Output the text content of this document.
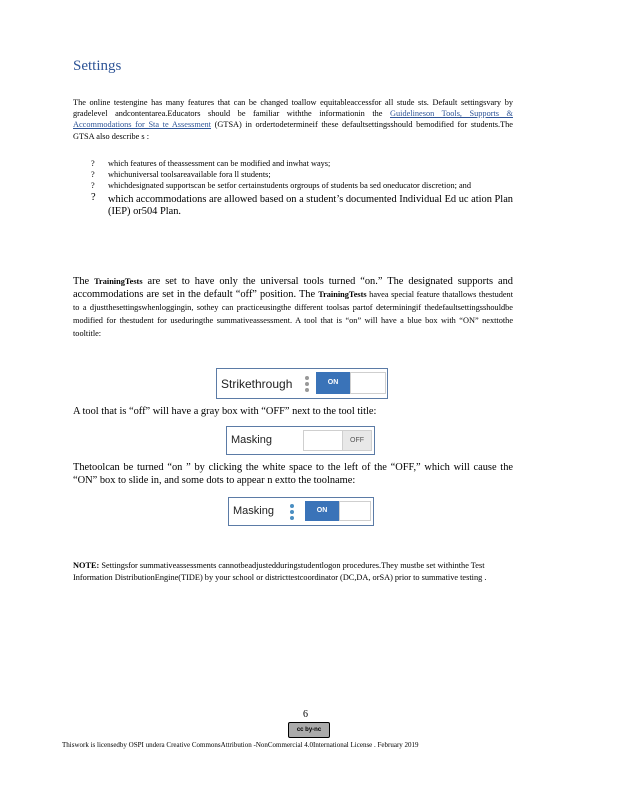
Settings

The online testengine has many features that can be changed toallow equitableaccessfor all stude sts. Default settingsvary by gradelevel andcontentarea.Educators should be familiar withthe informationin the Guidelineson Tools, Supports & Accommodations for Sta te Assessment (GTSA) in ordertodetermineif these defaultsettingsshould bemodified for students.The GTSA also describe s :

? which features of theassessment can be modified and inwhat ways;
? whichuniversal toolsareavailable fora ll students;
? whichdesignated supportscan be setfor certainstudents orgroups of students ba sed oneducator discretion; and
? which accommodations are allowed based on a student’s documented Individual Ed uc ation Plan (IEP) or504 Plan.

The TrainingTests are set to have only the universal tools turned “on.” The designated supports and accommodations are set in the default “off” position. The TrainingTests havea special feature thatallows thestudent to a djustthesettingswhenloggingin, sothey can practiceusingthe different toolsas partof determiningif thedefaultsettingsshouldbe modified for thestudent for useduringthe summativeassessment. A tool that is “on” will have a blue box with “ON” nexttothe tooltitle:

Strikethrough	ON

A tool that is “off” will have a gray box with “OFF” next to the tool title:

Masking	OFF

Thetoolcan be turned “on ” by clicking the white space to the left of the “OFF,” which will cause the “ON” box to slide in, and some dots to appear n extto the toolname:

Masking	ON

NOTE: Settingsfor summativeassessments cannotbeadjustedduringstudentlogon procedures.They mustbe set withinthe Test Information DistributionEngine(TIDE) by your school or districttestcoordinator (DC,DA, orSA) prior to summative testing .

6
cc by-nc

Thiswork is licensedby OSPI undera Creative CommonsAttribution -NonCommercial 4.0International License . February 2019
